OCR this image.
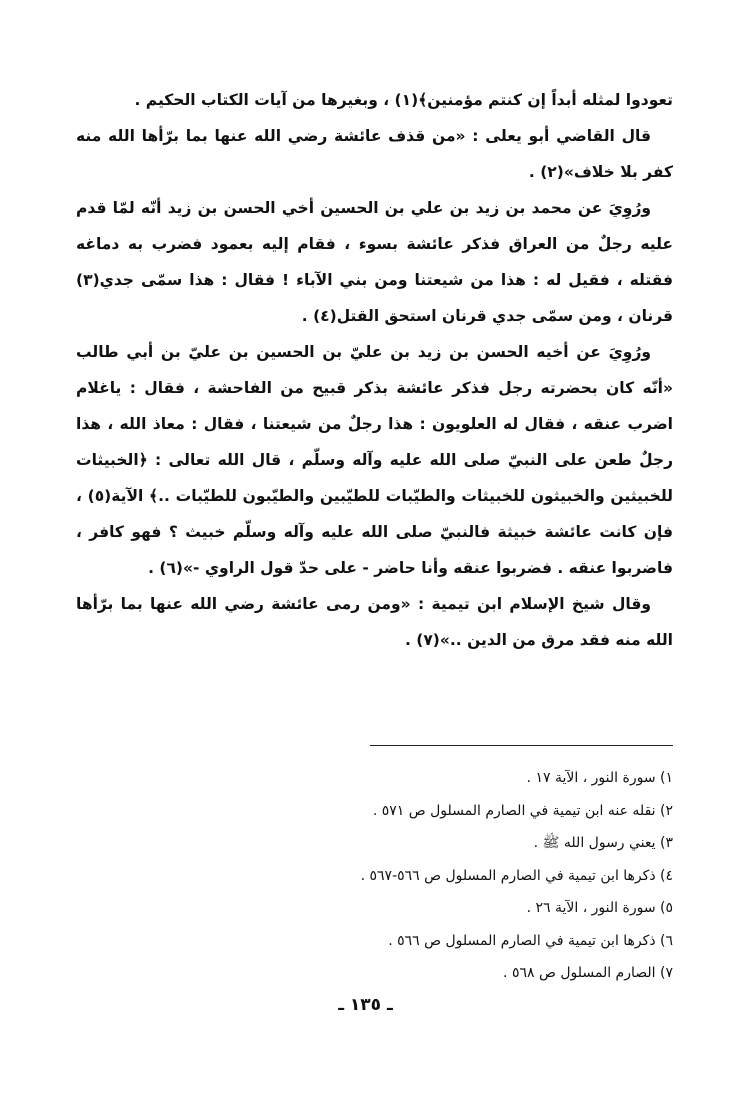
تعودوا لمثله أبداً إن كنتم مؤمنين﴾(١) ، وبغيرها من آيات الكتاب الحكيم .

قال القاضي أبو يعلى : «من قذف عائشة رضي الله عنها بما برّأها الله منه كفر بلا خلاف»(٢) .

ورُوِيَ عن محمد بن زيد بن علي بن الحسين أخي الحسن بن زيد أنّه لمّا قدم عليه رجلٌ من العراق فذكر عائشة بسوء ، فقام إليه بعمود فضرب به دماغه فقتله ، فقيل له : هذا من شيعتنا ومن بني الآباء ! فقال : هذا سمّى جدي(٣) قرنان ، ومن سمّى جدي قرنان استحق القتل(٤) .

ورُوِيَ عن أخيه الحسن بن زيد بن عليّ بن الحسين بن عليّ بن أبي طالب «أنّه كان بحضرته رجل فذكر عائشة بذكر قبيح من الفاحشة ، فقال : ياغلام اضرب عنقه ، فقال له العلويون : هذا رجلٌ من شيعتنا ، فقال : معاذ الله ، هذا رجلٌ طعن على النبيّ صلى الله عليه وآله وسلّم ، قال الله تعالى : ﴿الخبيثات للخبيثين والخبيثون للخبيثات والطيّبات للطيّبين والطيّبون للطيّبات ..﴾ الآية(٥) ، فإن كانت عائشة خبيثة فالنبيّ صلى الله عليه وآله وسلّم خبيث ؟ فهو كافر ، فاضربوا عنقه . فضربوا عنقه وأنا حاضر - على حدّ قول الراوي -»(٦) .

وقال شيخ الإسلام ابن تيمية : «ومن رمى عائشة رضي الله عنها بما برّأها الله منه فقد مرق من الدين ..»(٧) .

١) سورة النور ، الآية ١٧ .
٢) نقله عنه ابن تيمية في الصارم المسلول ص ٥٧١ .
٣) يعني رسول الله ﷺ .
٤) ذكرها ابن تيمية في الصارم المسلول ص ٥٦٦-٥٦٧ .
٥) سورة النور ، الآية ٢٦ .
٦) ذكرها ابن تيمية في الصارم المسلول ص ٥٦٦ .
٧) الصارم المسلول ص ٥٦٨ .
ـ ١٣٥ ـ
